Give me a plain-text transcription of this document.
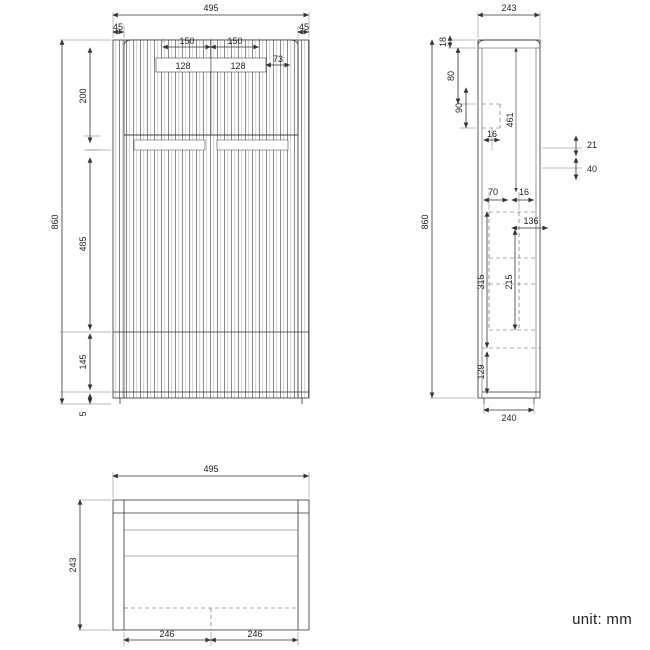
495
45	45
150	150
128	128
73
860
200
485
145
5
243
18
80
90
16
461
860
21
40
70 16
136
315 215
129
240
495
243
246	246
unit: mm
